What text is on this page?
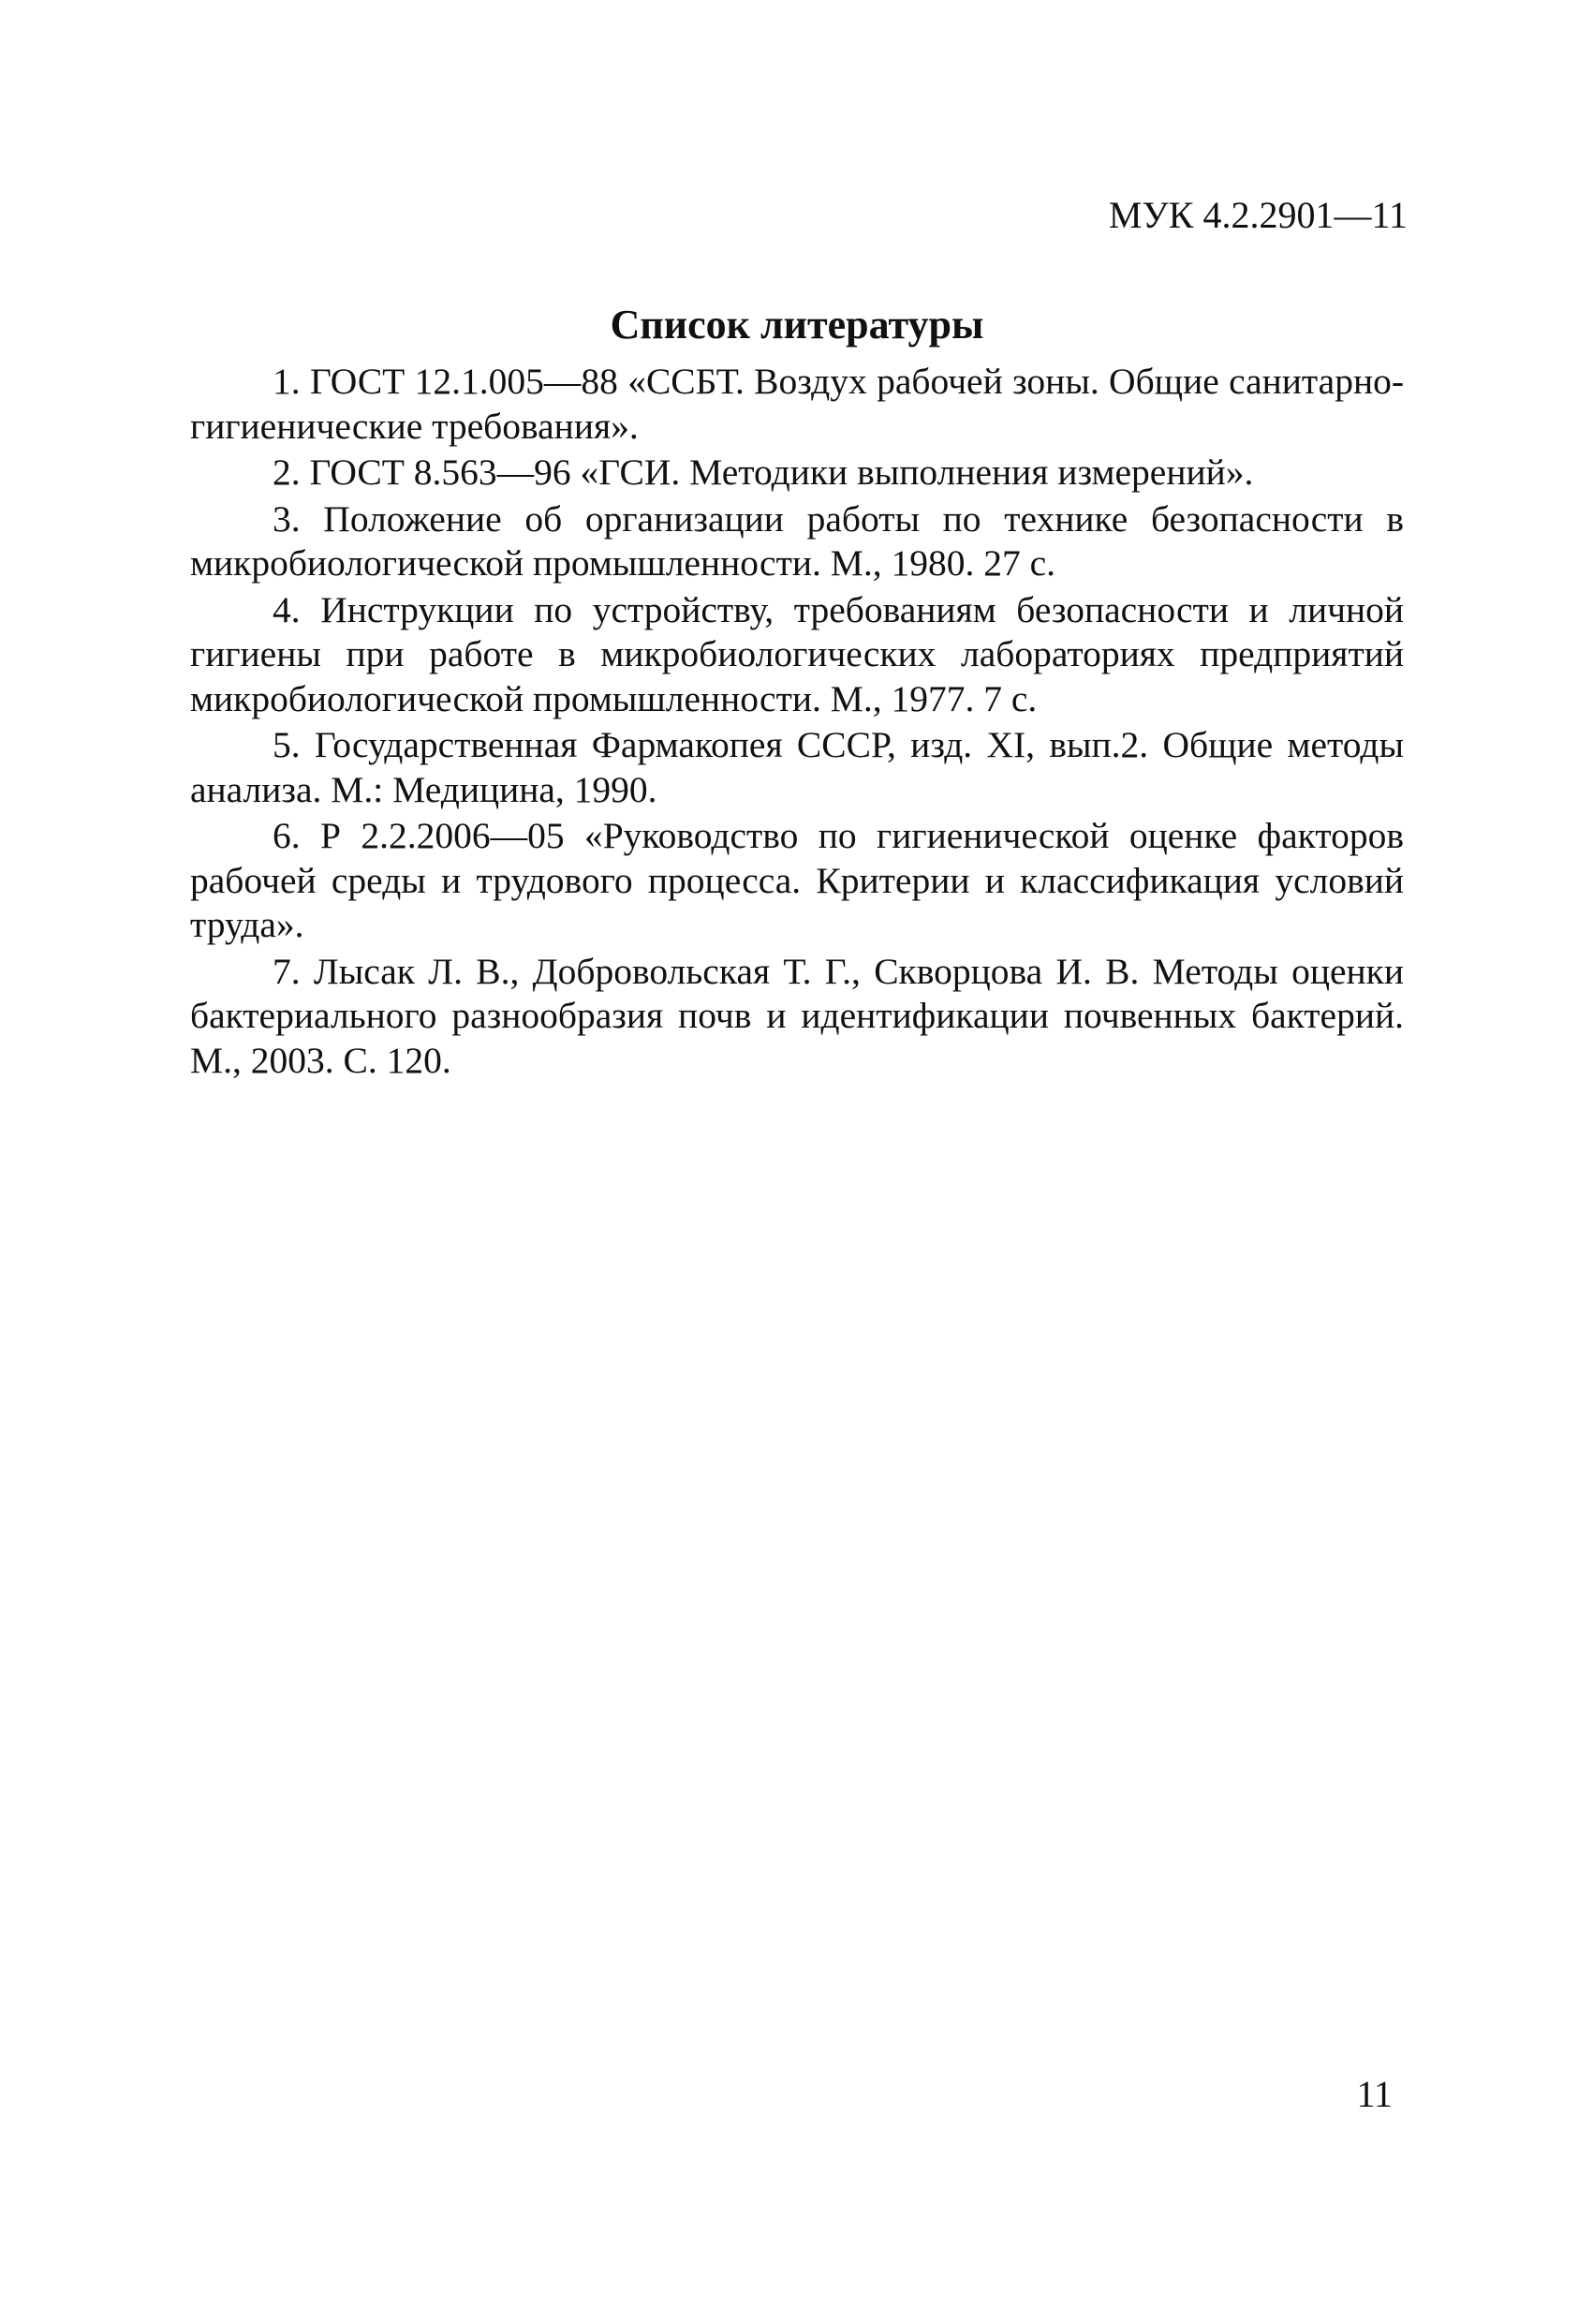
МУК 4.2.2901—11
Список литературы
1. ГОСТ 12.1.005—88 «ССБТ. Воздух рабочей зоны. Общие санитарно-гигиенические требования».
2. ГОСТ 8.563—96 «ГСИ. Методики выполнения измерений».
3. Положение об организации работы по технике безопасности в микробиологической промышленности. М., 1980. 27 с.
4. Инструкции по устройству, требованиям безопасности и личной гигиены при работе в микробиологических лабораториях предприятий микробиологической промышленности. М., 1977. 7 с.
5. Государственная Фармакопея СССР, изд. XI, вып.2. Общие методы анализа. М.: Медицина, 1990.
6. Р 2.2.2006—05 «Руководство по гигиенической оценке факторов рабочей среды и трудового процесса. Критерии и классификация условий труда».
7. Лысак Л. В., Добровольская Т. Г., Скворцова И. В. Методы оценки бактериального разнообразия почв и идентификации почвенных бактерий. М., 2003. С. 120.
11
